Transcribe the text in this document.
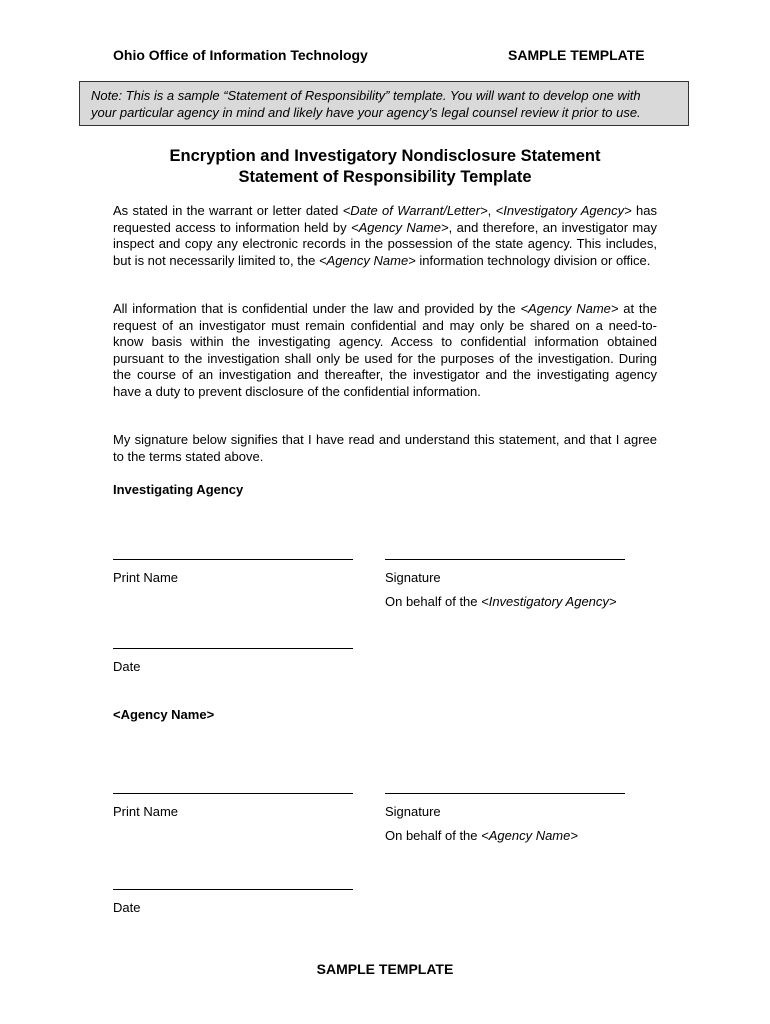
Ohio Office of Information Technology	SAMPLE TEMPLATE
Note: This is a sample “Statement of Responsibility” template. You will want to develop one with
your particular agency in mind and likely have your agency’s legal counsel review it prior to use.
Encryption and Investigatory Nondisclosure Statement
Statement of Responsibility Template

As stated in the warrant or letter dated <Date of Warrant/Letter>, <Investigatory Agency> has requested access to information held by <Agency Name>, and therefore, an investigator may inspect and copy any electronic records in the possession of the state agency. This includes, but is not necessarily limited to, the <Agency Name> information technology division or office.

All information that is confidential under the law and provided by the <Agency Name> at the request of an investigator must remain confidential and may only be shared on a need-to-know basis within the investigating agency. Access to confidential information obtained pursuant to the investigation shall only be used for the purposes of the investigation. During the course of an investigation and thereafter, the investigator and the investigating agency have a duty to prevent disclosure of the confidential information.

My signature below signifies that I have read and understand this statement, and that I agree to the terms stated above.

Investigating Agency
Print Name	Signature
On behalf of the <Investigatory Agency>
Date
<Agency Name>
Print Name	Signature
On behalf of the <Agency Name>
Date
SAMPLE TEMPLATE
